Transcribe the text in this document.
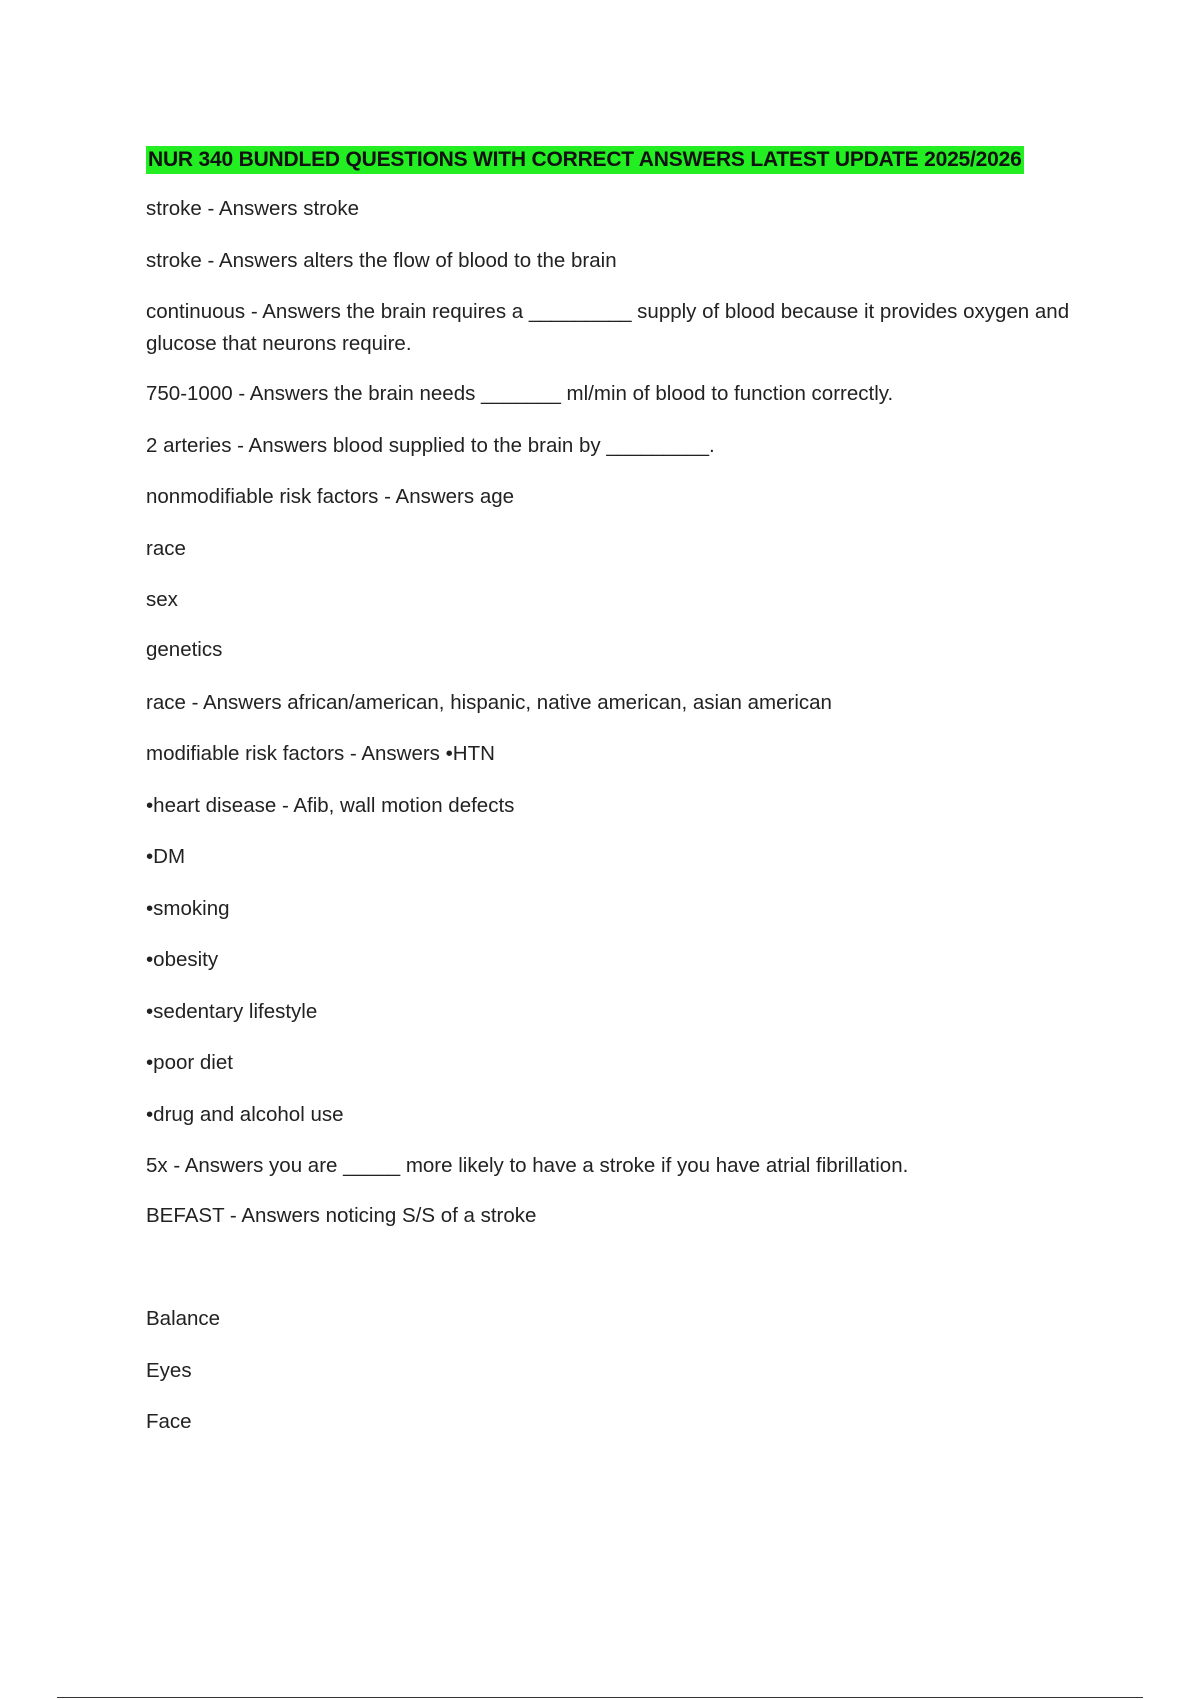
NUR 340 BUNDLED QUESTIONS WITH CORRECT ANSWERS LATEST UPDATE 2025/2026
stroke - Answers stroke
stroke - Answers alters the flow of blood to the brain
continuous - Answers the brain requires a _________ supply of blood because it provides oxygen and glucose that neurons require.
750-1000 - Answers the brain needs _______ ml/min of blood to function correctly.
2 arteries - Answers blood supplied to the brain by _________.
nonmodifiable risk factors - Answers age
race
sex
genetics
race - Answers african/american, hispanic, native american, asian american
modifiable risk factors - Answers •HTN
•heart disease - Afib, wall motion defects
•DM
•smoking
•obesity
•sedentary lifestyle
•poor diet
•drug and alcohol use
5x - Answers you are _____ more likely to have a stroke if you have atrial fibrillation.
BEFAST - Answers noticing S/S of a stroke
Balance
Eyes
Face
